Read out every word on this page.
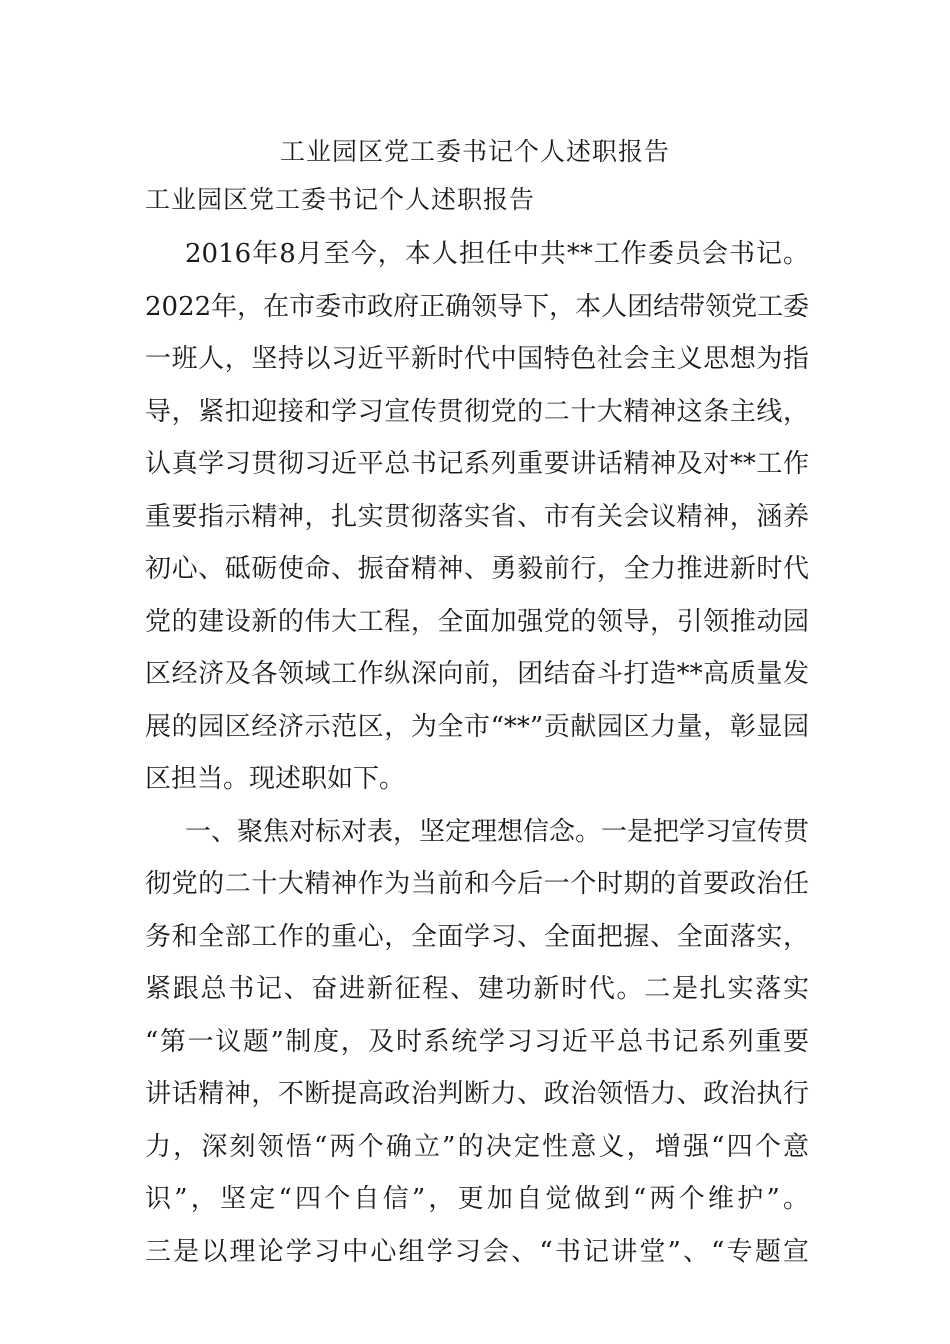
工业园区党工委书记个人述职报告
工业园区党工委书记个人述职报告
2016年8月至今，本人担任中共**工作委员会书记。
2022年，在市委市政府正确领导下，本人团结带领党工委
一班人，坚持以习近平新时代中国特色社会主义思想为指
导，紧扣迎接和学习宣传贯彻党的二十大精神这条主线，
认真学习贯彻习近平总书记系列重要讲话精神及对**工作
重要指示精神，扎实贯彻落实省、市有关会议精神，涵养
初心、砥砺使命、振奋精神、勇毅前行，全力推进新时代
党的建设新的伟大工程，全面加强党的领导，引领推动园
区经济及各领域工作纵深向前，团结奋斗打造**高质量发
展的园区经济示范区，为全市“**”贡献园区力量，彰显园
区担当。现述职如下。
一、聚焦对标对表，坚定理想信念。一是把学习宣传贯
彻党的二十大精神作为当前和今后一个时期的首要政治任
务和全部工作的重心，全面学习、全面把握、全面落实，
紧跟总书记、奋进新征程、建功新时代。二是扎实落实
“第一议题”制度，及时系统学习习近平总书记系列重要
讲话精神，不断提高政治判断力、政治领悟力、政治执行
力，深刻领悟“两个确立”的决定性意义，增强“四个意
识”，坚定“四个自信”，更加自觉做到“两个维护”。
三是以理论学习中心组学习会、“书记讲堂”、“专题宣
